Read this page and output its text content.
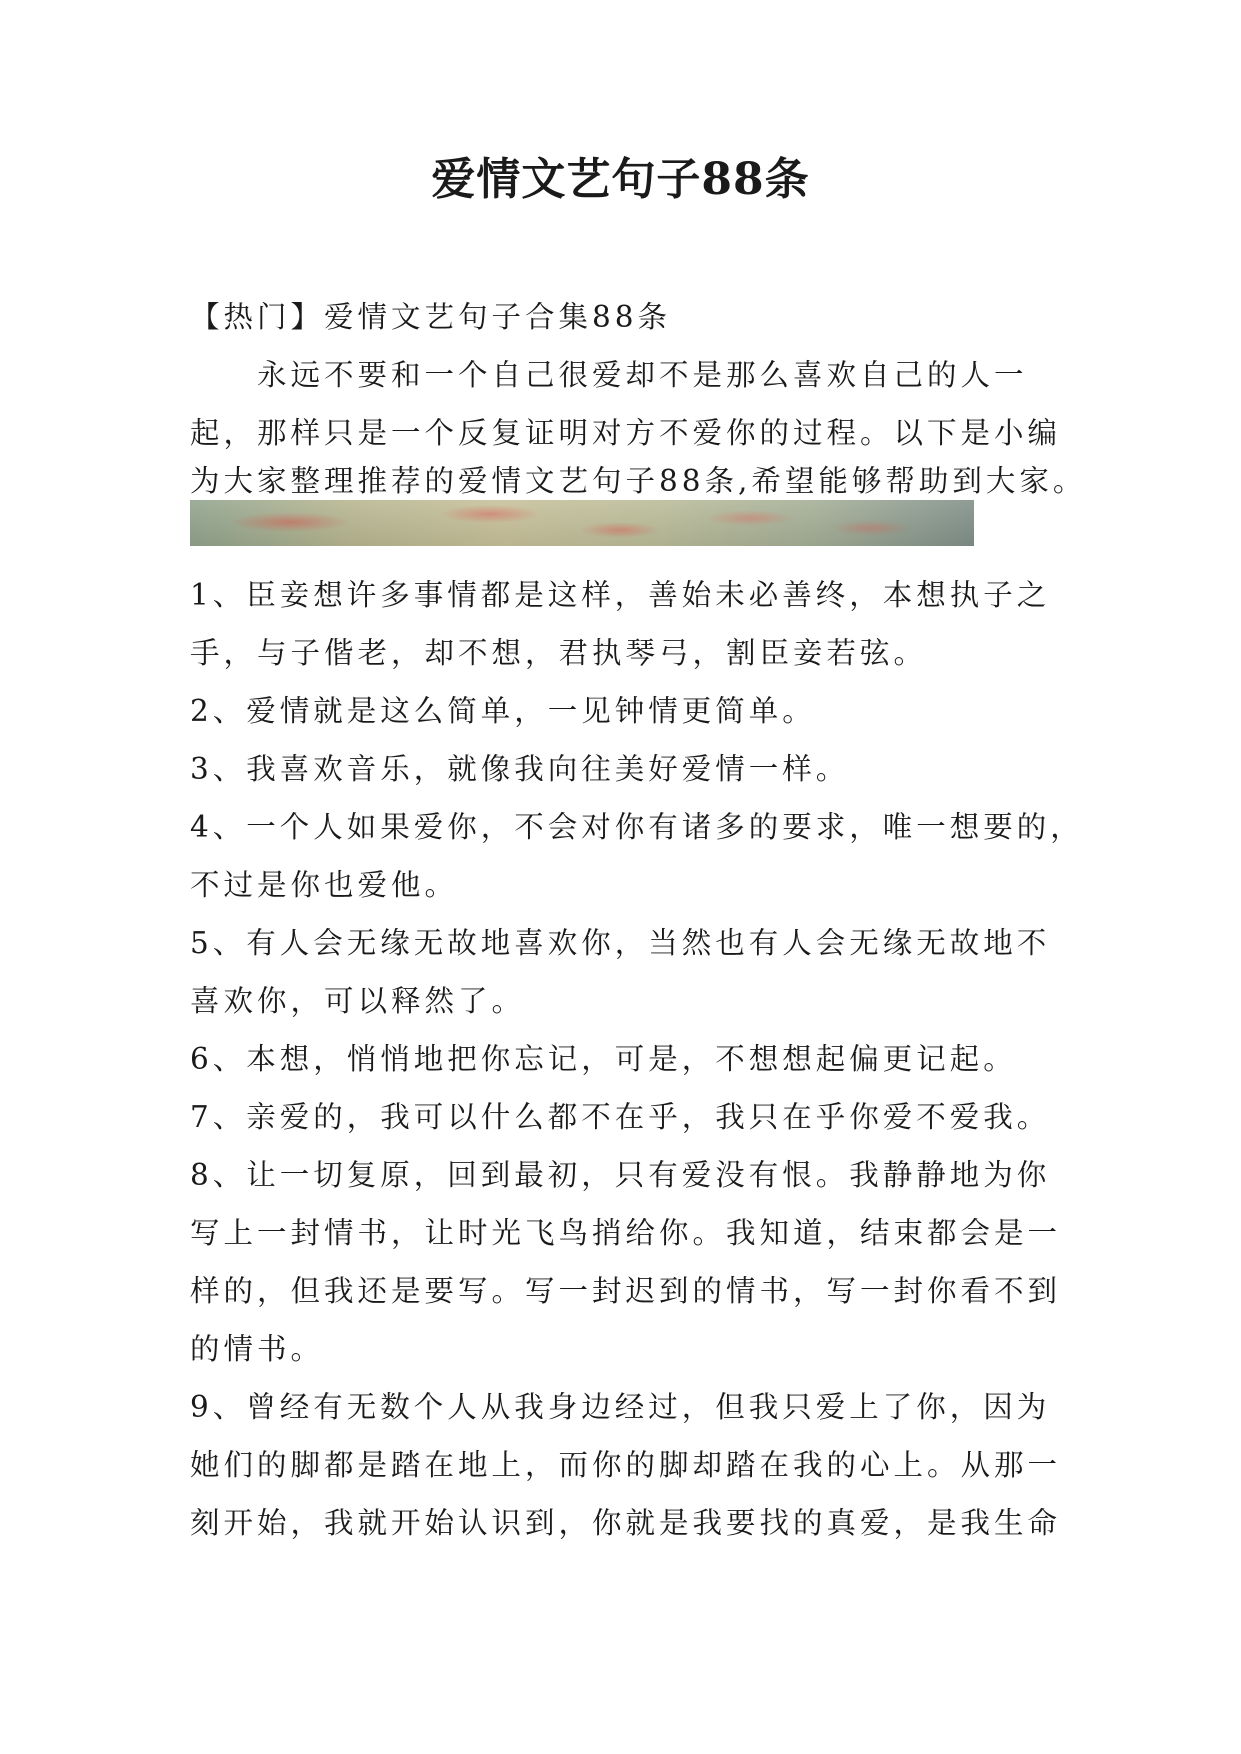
爱情文艺句子88条
【热门】爱情文艺句子合集88条
　　永远不要和一个自己很爱却不是那么喜欢自己的人一
起，那样只是一个反复证明对方不爱你的过程。以下是小编
为大家整理推荐的爱情文艺句子88条,希望能够帮助到大家。
1、臣妾想许多事情都是这样，善始未必善终，本想执子之
手，与子偕老，却不想，君执琴弓，割臣妾若弦。
2、爱情就是这么简单，一见钟情更简单。
3、我喜欢音乐，就像我向往美好爱情一样。
4、一个人如果爱你，不会对你有诸多的要求，唯一想要的，
不过是你也爱他。
5、有人会无缘无故地喜欢你，当然也有人会无缘无故地不
喜欢你，可以释然了。
6、本想，悄悄地把你忘记，可是，不想想起偏更记起。
7、亲爱的，我可以什么都不在乎，我只在乎你爱不爱我。
8、让一切复原，回到最初，只有爱没有恨。我静静地为你
写上一封情书，让时光飞鸟捎给你。我知道，结束都会是一
样的，但我还是要写。写一封迟到的情书，写一封你看不到
的情书。
9、曾经有无数个人从我身边经过，但我只爱上了你，因为
她们的脚都是踏在地上，而你的脚却踏在我的心上。从那一
刻开始，我就开始认识到，你就是我要找的真爱，是我生命
